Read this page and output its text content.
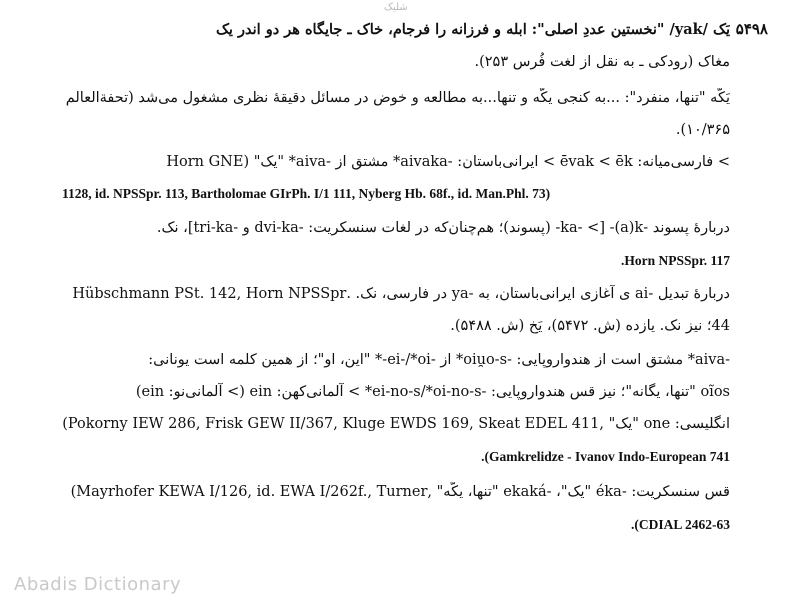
شلیک
۵۴۹۸
یَک /yak/ "نخستین عددِ اصلی": ابله و فرزانه را فرجام، خاک ـ جایگاه هر دو اندر یک
مغاک (رودکی ـ به نقل از لغت فُرس ۲۵۳).
یَکّه "تنها، منفرد": ...به کنجی یکّه و تنها...به مطالعه و خوض در مسائل دقیقهٔ نظری مشغول می‌شد (تحفة‌العالم
۱۰/۳۶۵).
> فارسی‌میانه: ēvak < ēk > ایرانی‌باستان: -aivaka* مشتق از -aiva* "یک" (Horn GNE
1128, id. NPSSpr. 113, Bartholomae GIrPh. I/1 111, Nyberg Hb. 68f., id. Man.Phl. 73)
دربارهٔ پسوند -a)k)- [> -ka- (پسوند)؛ هم‌چنان‌که در لغات سنسکریت: -dvi-ka و -tri-ka]، نک.
Horn NPSSpr. 117.
دربارهٔ تبدیل -ai ی آغازی ایرانی‌باستان، به -ya در فارسی، نک. .Hübschmann PSt. 142, Horn NPSSpr
44؛ نیز نک. یازده (ش. ۵۴۷۲)، یَخ (ش. ۵۴۸۸).
-aiva* مشتق است از هندواروپایی: -oiu̯o-s* از -ei-/*oi-* "این، او"؛ از همین کلمه است یونانی:
oĩos "تنها، یگانه"؛ نیز قس هندواروپایی: -ei-no-s/*oi-no-s* > آلمانی‌کهن: ein (> آلمانی‌نو: ein)
انگلیسی: one "یک" ,Pokorny IEW 286, Frisk GEW II/367, Kluge EWDS 169, Skeat EDEL 411)
Gamkrelidze - Ivanov Indo-European 741).
قس سنسکریت: -éka "یک"، -ekaká "تنها، یکّه" ,Mayrhofer KEWA I/126, id. EWA I/262f., Turner)
CDIAL 2462-63).
Abadis Dictionary
